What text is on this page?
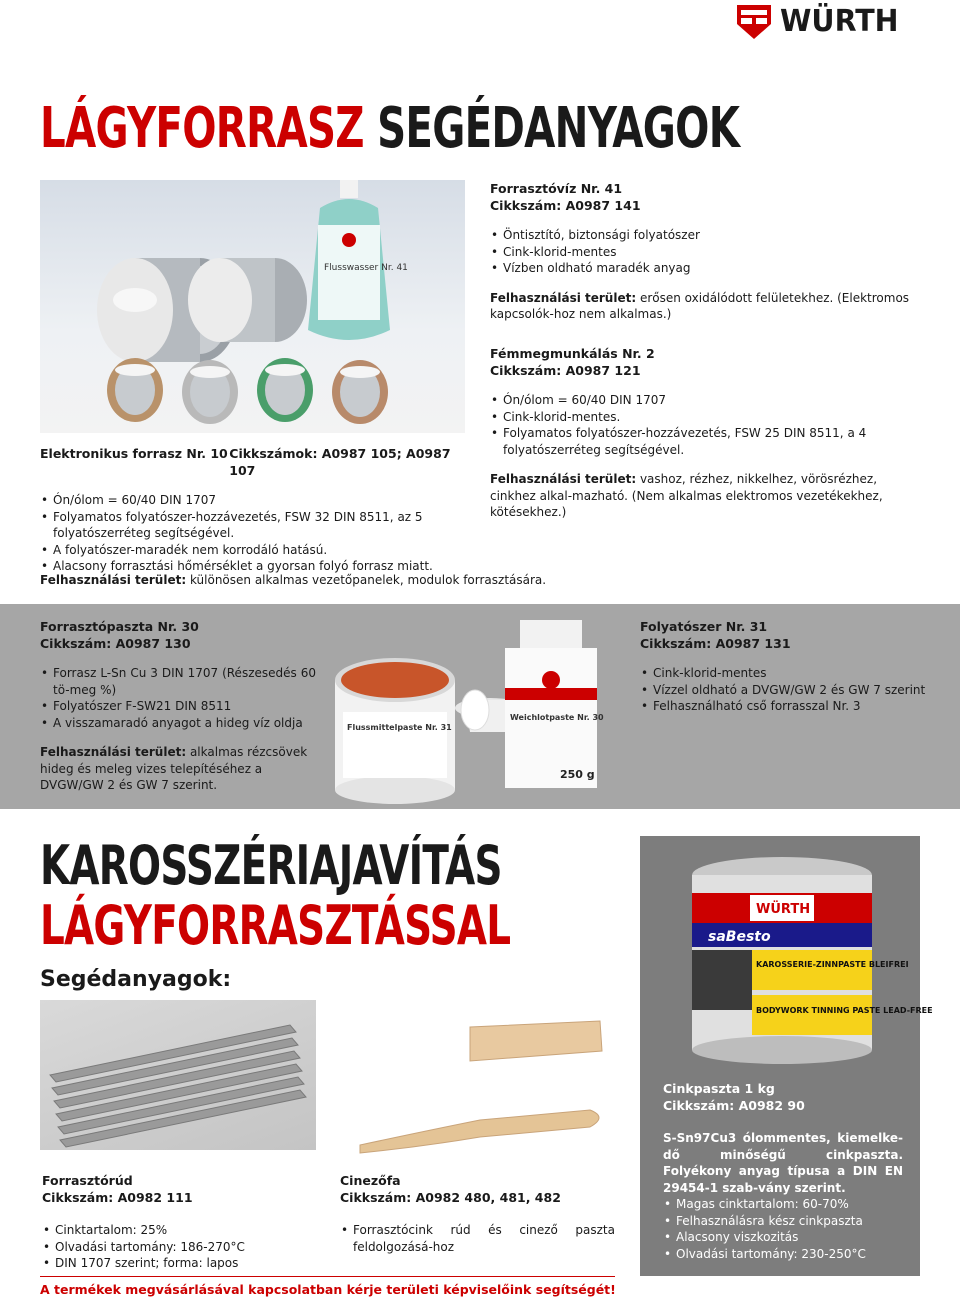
WÜRTH
LÁGYFORRASZ SEGÉDANYAGOK
Flusswasser Nr. 41
Forrasztóvíz Nr. 41
Cikkszám: A0987 141
• Öntisztító, biztonsági folyatószer
• Cink-klorid-mentes
• Vízben oldható maradék anyag

Felhasználási terület: erősen oxidálódott felületekhez. (Elektromos kapcsolók-hoz nem alkalmas.)

Fémmegmunkálás Nr. 2
Cikkszám: A0987 121
• Ón/ólom = 60/40 DIN 1707
• Cink-klorid-mentes.
• Folyamatos folyatószer-hozzávezetés, FSW 25 DIN 8511, a 4 folyatószerréteg segítségével.

Felhasználási terület: vashoz, rézhez, nikkelhez, vörösrézhez, cinkhez alkal-mazható. (Nem alkalmas elektromos vezetékekhez, kötésekhez.)

Elektronikus forrasz Nr. 10 Cikkszámok: A0987 105; A0987 107
• Ón/ólom = 60/40 DIN 1707
• Folyamatos folyatószer-hozzávezetés, FSW 32 DIN 8511, az 5 folyatószerréteg segítségével.
• A folyatószer-maradék nem korrodáló hatású.
• Alacsony forrasztási hőmérséklet a gyorsan folyó forrasz miatt.

Felhasználási terület: különösen alkalmas vezetőpanelek, modulok forrasztására.

Forrasztópaszta Nr. 30
Cikkszám: A0987 130
• Forrasz L-Sn Cu 3 DIN 1707 (Részesedés 60 tö-meg %)
• Folyatószer F-SW21 DIN 8511
• A visszamaradó anyagot a hideg víz oldja

Felhasználási terület: alkalmas rézcsövek hideg és meleg vizes telepítéséhez a DVGW/GW 2 és GW 7 szerint.

Flussmittelpaste Nr. 31
Weichlotpaste Nr. 30
250 g
Folyatószer Nr. 31
Cikkszám: A0987 131
• Cink-klorid-mentes
• Vízzel oldható a DVGW/GW 2 és GW 7 szerint
• Felhasználható cső forrasszal Nr. 3
KAROSSZÉRIAJAVÍTÁS
LÁGYFORRASZTÁSSAL
Segédanyagok:
WÜRTH
saBesto
KAROSSERIE-ZINNPASTE BLEIFREI
BODYWORK TINNING PASTE LEAD-FREE
Cinkpaszta 1 kg
Cikkszám: A0982 90

S-Sn97Cu3 ólommentes, kiemelke-dő minőségű cinkpaszta. Folyékony anyag típusa a DIN EN 29454-1 szab-vány szerint.

• Magas cinktartalom: 60-70%
• Felhasználásra kész cinkpaszta
• Alacsony viszkozitás
• Olvadási tartomány: 230-250°C
Forrasztórúd
Cikkszám: A0982 111
• Cinktartalom: 25%
• Olvadási tartomány: 186-270°C
• DIN 1707 szerint; forma: lapos
Cinezőfa
Cikkszám: A0982 480, 481, 482
• Forrasztócink rúd és cinező paszta feldolgozásá-hoz
A termékek megvásárlásával kapcsolatban kérje területi képviselőink segítségét!
